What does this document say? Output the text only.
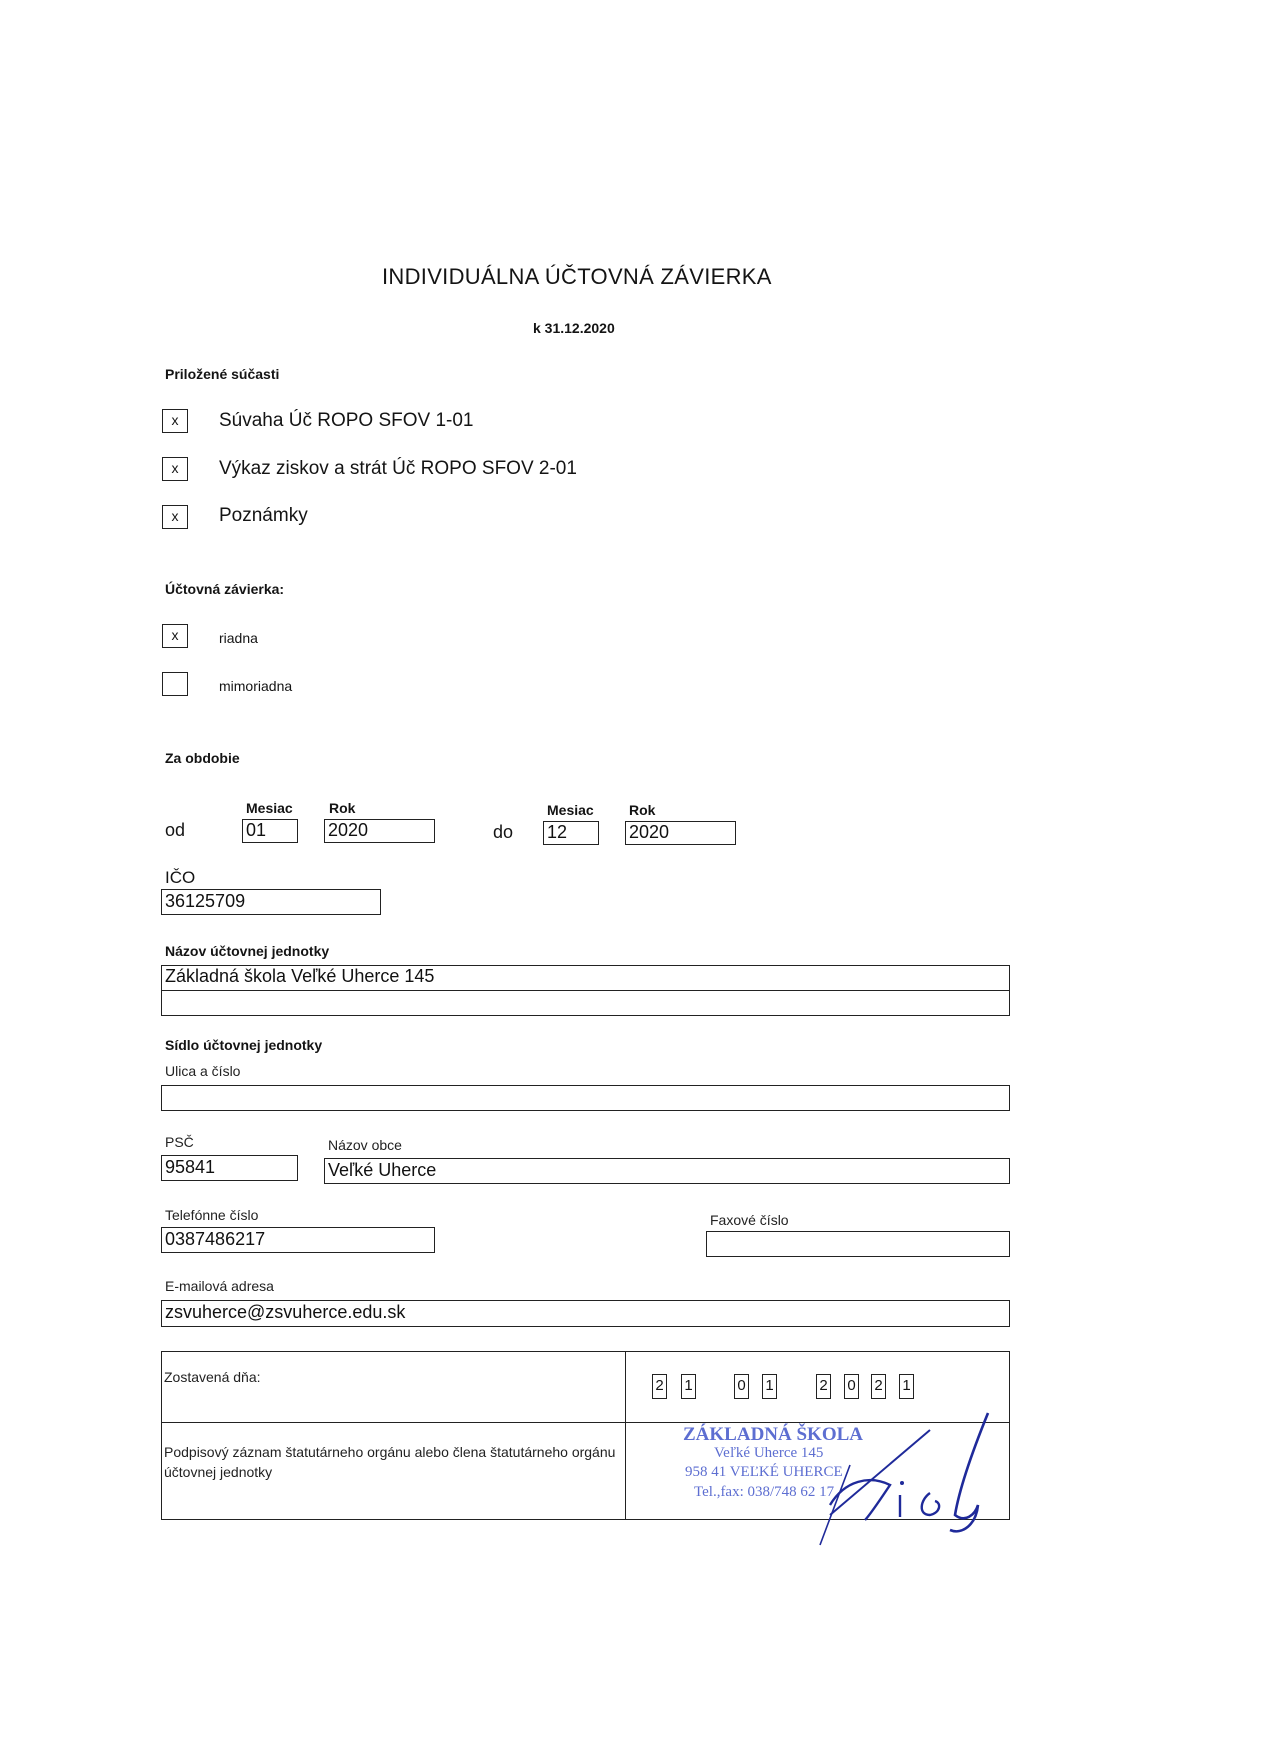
INDIVIDUÁLNA ÚČTOVNÁ ZÁVIERKA
k 31.12.2020
Priložené súčasti
x	Súvaha Úč ROPO SFOV 1-01
x	Výkaz ziskov a strát Úč ROPO SFOV 2-01
x	Poznámky
Účtovná závierka:
x	riadna
mimoriadna
Za obdobie
Mesiac	Rok	Mesiac	Rok
od	01	2020	do 12	2020
IČO
36125709
Názov účtovnej jednotky
Základná škola Veľké Uherce 145
Sídlo účtovnej jednotky
Ulica a číslo
PSČ	Názov obce
95841	Veľké Uherce
Telefónne číslo
0387486217
Faxové číslo
E-mailová adresa
zsvuherce@zsvuherce.edu.sk
Zostavená dňa:	2 1	0 1	2 0 2 1
Podpisový záznam štatutárneho orgánu alebo člena štatutárneho orgánu účtovnej jednotky
ZÁKLADNÁ ŠKOLA
Veľké Uherce 145
958 41 VEĽKÉ UHERCE
Tel.,fax: 038/748 62 17
